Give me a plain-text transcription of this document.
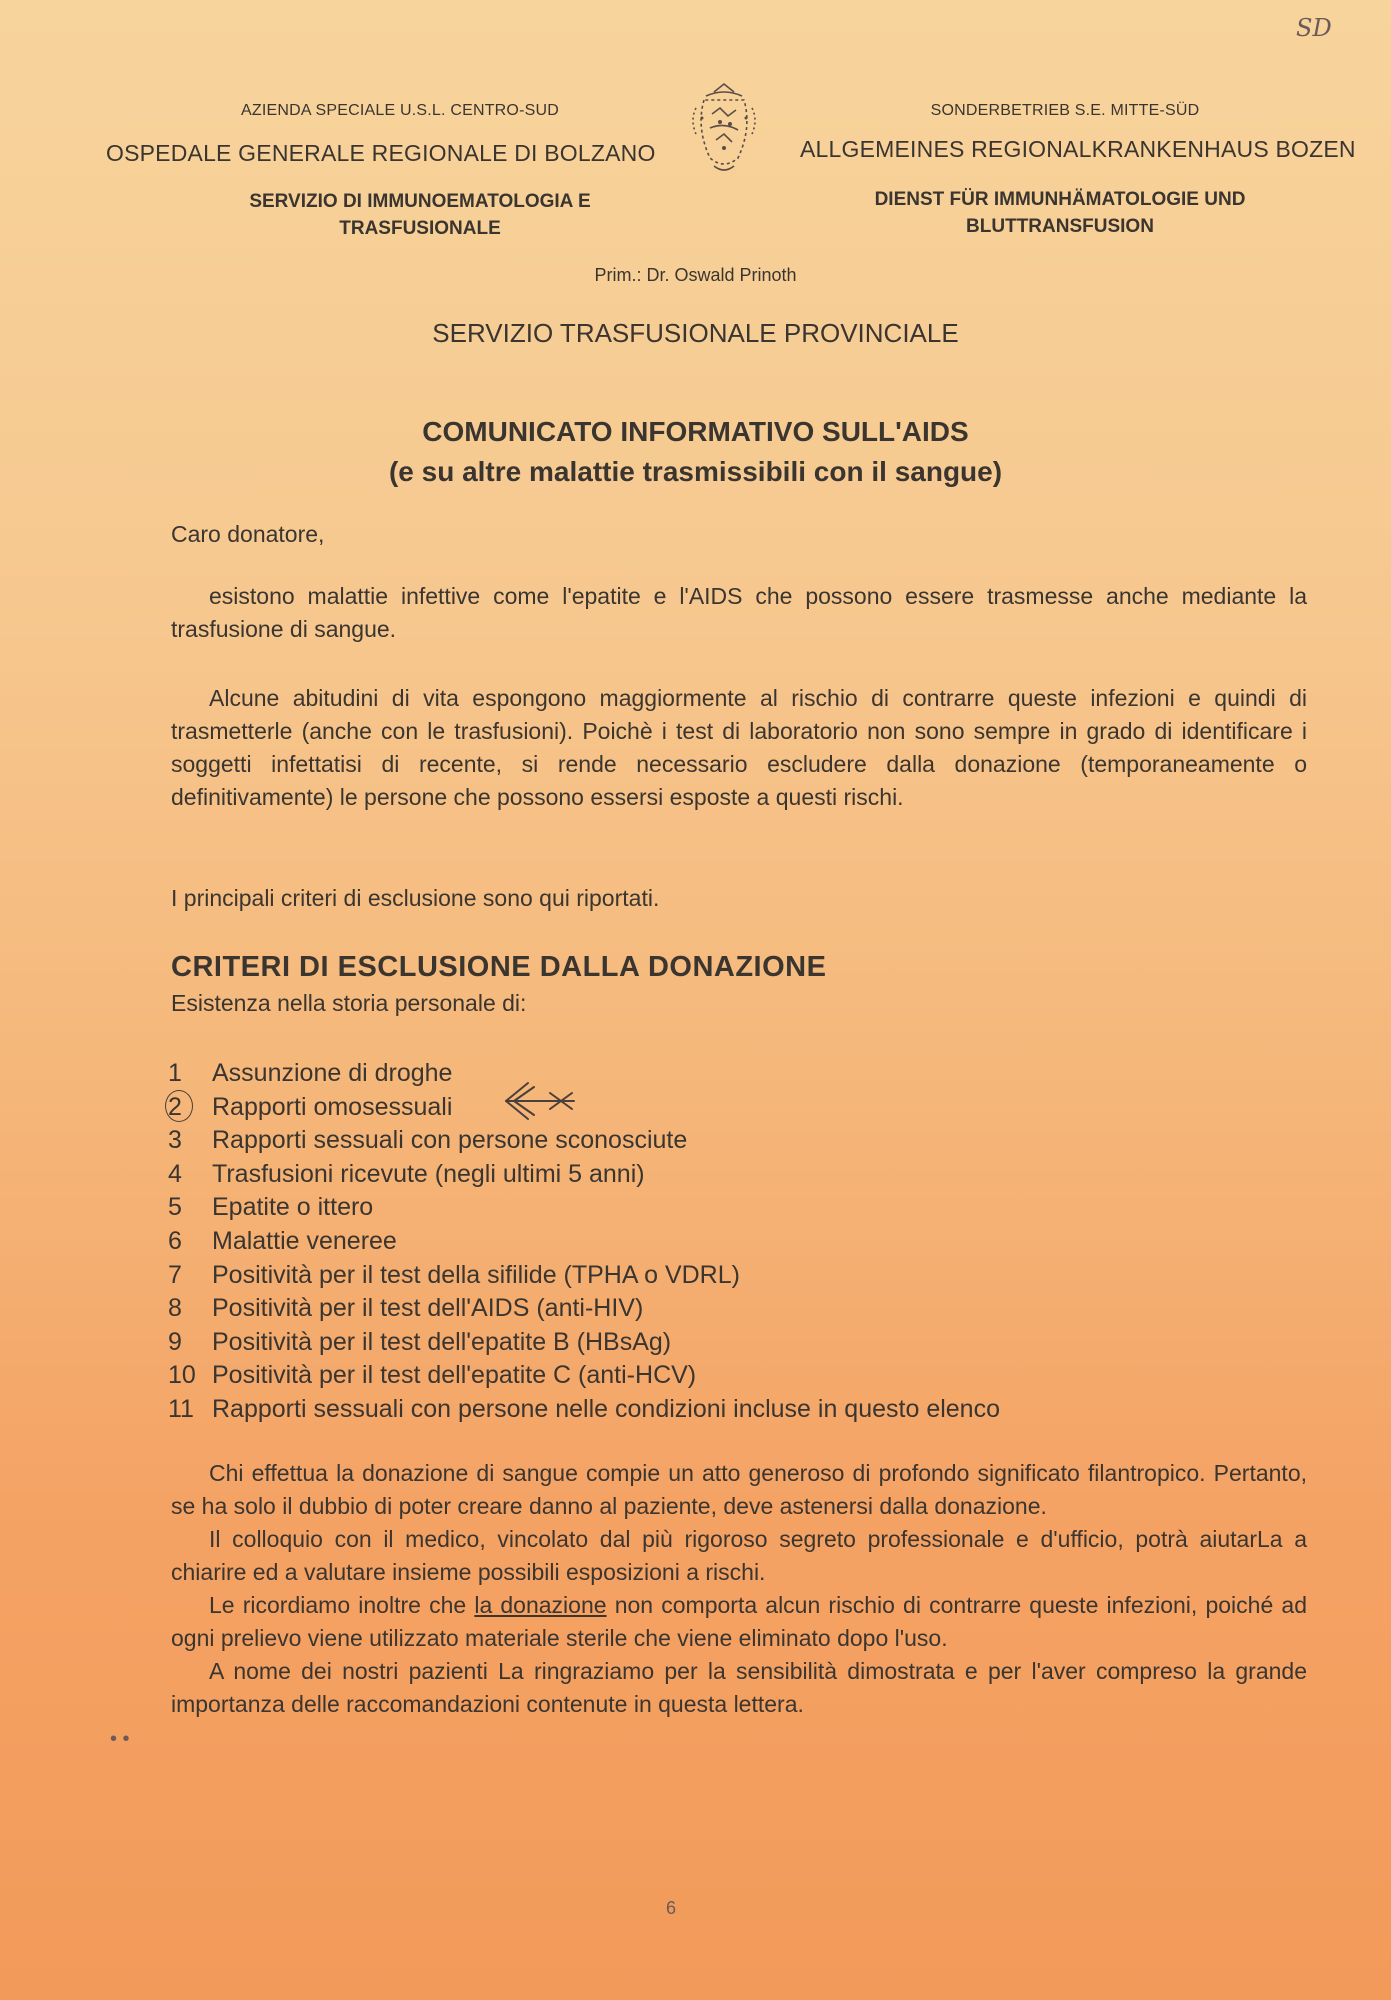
SD
AZIENDA SPECIALE U.S.L. CENTRO-SUD
OSPEDALE GENERALE REGIONALE DI BOLZANO
SERVIZIO DI IMMUNOEMATOLOGIA E
TRASFUSIONALE
SONDERBETRIEB S.E. MITTE-SÜD
ALLGEMEINES REGIONALKRANKENHAUS BOZEN
DIENST FÜR IMMUNHÄMATOLOGIE UND
BLUTTRANSFUSION
Prim.: Dr. Oswald Prinoth
SERVIZIO TRASFUSIONALE PROVINCIALE
COMUNICATO INFORMATIVO SULL'AIDS
(e su altre malattie trasmissibili con il sangue)
Caro donatore,

esistono malattie infettive come l'epatite e l'AIDS che possono essere trasmesse anche mediante la trasfusione di sangue.

Alcune abitudini di vita espongono maggiormente al rischio di contrarre queste infezioni e quindi di trasmetterle (anche con le trasfusioni). Poichè i test di laboratorio non sono sempre in grado di identificare i soggetti infettatisi di recente, si rende necessario escludere dalla donazione (temporaneamente o definitivamente) le persone che possono essersi esposte a questi rischi.

I principali criteri di esclusione sono qui riportati.
CRITERI DI ESCLUSIONE DALLA DONAZIONE
Esistenza nella storia personale di:
1	Assunzione di droghe
2	Rapporti omosessuali
3	Rapporti sessuali con persone sconosciute
4	Trasfusioni ricevute (negli ultimi 5 anni)
5	Epatite o ittero
6	Malattie veneree
7	Positività per il test della sifilide (TPHA o VDRL)
8	Positività per il test dell'AIDS (anti-HIV)
9	Positività per il test dell'epatite B (HBsAg)
10 Positività per il test dell'epatite C (anti-HCV)
11 Rapporti sessuali con persone nelle condizioni incluse in questo elenco

Chi effettua la donazione di sangue compie un atto generoso di profondo significato filantropico. Pertanto, se ha solo il dubbio di poter creare danno al paziente, deve astenersi dalla donazione.

Il colloquio con il medico, vincolato dal più rigoroso segreto professionale e d'ufficio, potrà aiutarLa a chiarire ed a valutare insieme possibili esposizioni a rischi.

Le ricordiamo inoltre che la donazione non comporta alcun rischio di contrarre queste infezioni, poiché ad ogni prelievo viene utilizzato materiale sterile che viene eliminato dopo l'uso.

A nome dei nostri pazienti La ringraziamo per la sensibilità dimostrata e per l'aver compreso la grande importanza delle raccomandazioni contenute in questa lettera.

• •
6
